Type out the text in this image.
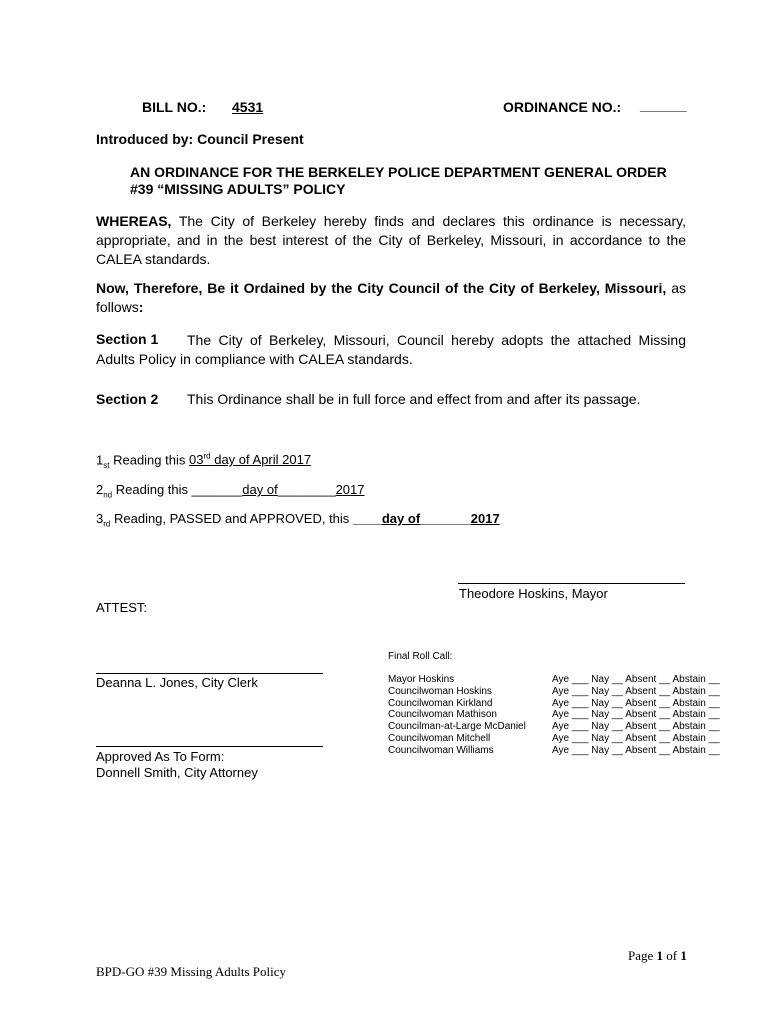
BILL NO.: 4531	ORDINANCE NO.: ______
Introduced by: Council Present
AN ORDINANCE FOR THE BERKELEY POLICE DEPARTMENT GENERAL ORDER
#39 “MISSING ADULTS” POLICY
WHEREAS, The City of Berkeley hereby finds and declares this ordinance is necessary, appropriate, and in the best interest of the City of Berkeley, Missouri, in accordance to the CALEA standards.
Now, Therefore, Be it Ordained by the City Council of the City of Berkeley, Missouri, as follows:
Section 1	The City of Berkeley, Missouri, Council hereby adopts the attached Missing Adults Policy in compliance with CALEA standards.
Section 2 This Ordinance shall be in full force and effect from and after its passage.
$1_{st}$ Reading this 03rd day of April 2017
$2_{nd}$ Reading this _______day of________2017
$3_{rd}$ Reading, PASSED and APPROVED, this ____day of_______2017
Theodore Hoskins, Mayor
ATTEST:
Final Roll Call:
Mayor Hoskins
Councilwoman Hoskins
Councilwoman Kirkland
Councilwoman Mathison
Councilman-at-Large McDaniel
Councilwoman Mitchell
Councilwoman Williams
Aye ___ Nay __ Absent __ Abstain __
Aye ___ Nay __ Absent __ Abstain __
Aye ___ Nay __ Absent __ Abstain __
Aye ___ Nay __ Absent __ Abstain __
Aye ___ Nay __ Absent __ Abstain __
Aye ___ Nay __ Absent __ Abstain __
Aye ___ Nay __ Absent __ Abstain __
Deanna L. Jones, City Clerk
Approved As To Form:
Donnell Smith, City Attorney
Page 1 of 1
BPD-GO #39 Missing Adults Policy
